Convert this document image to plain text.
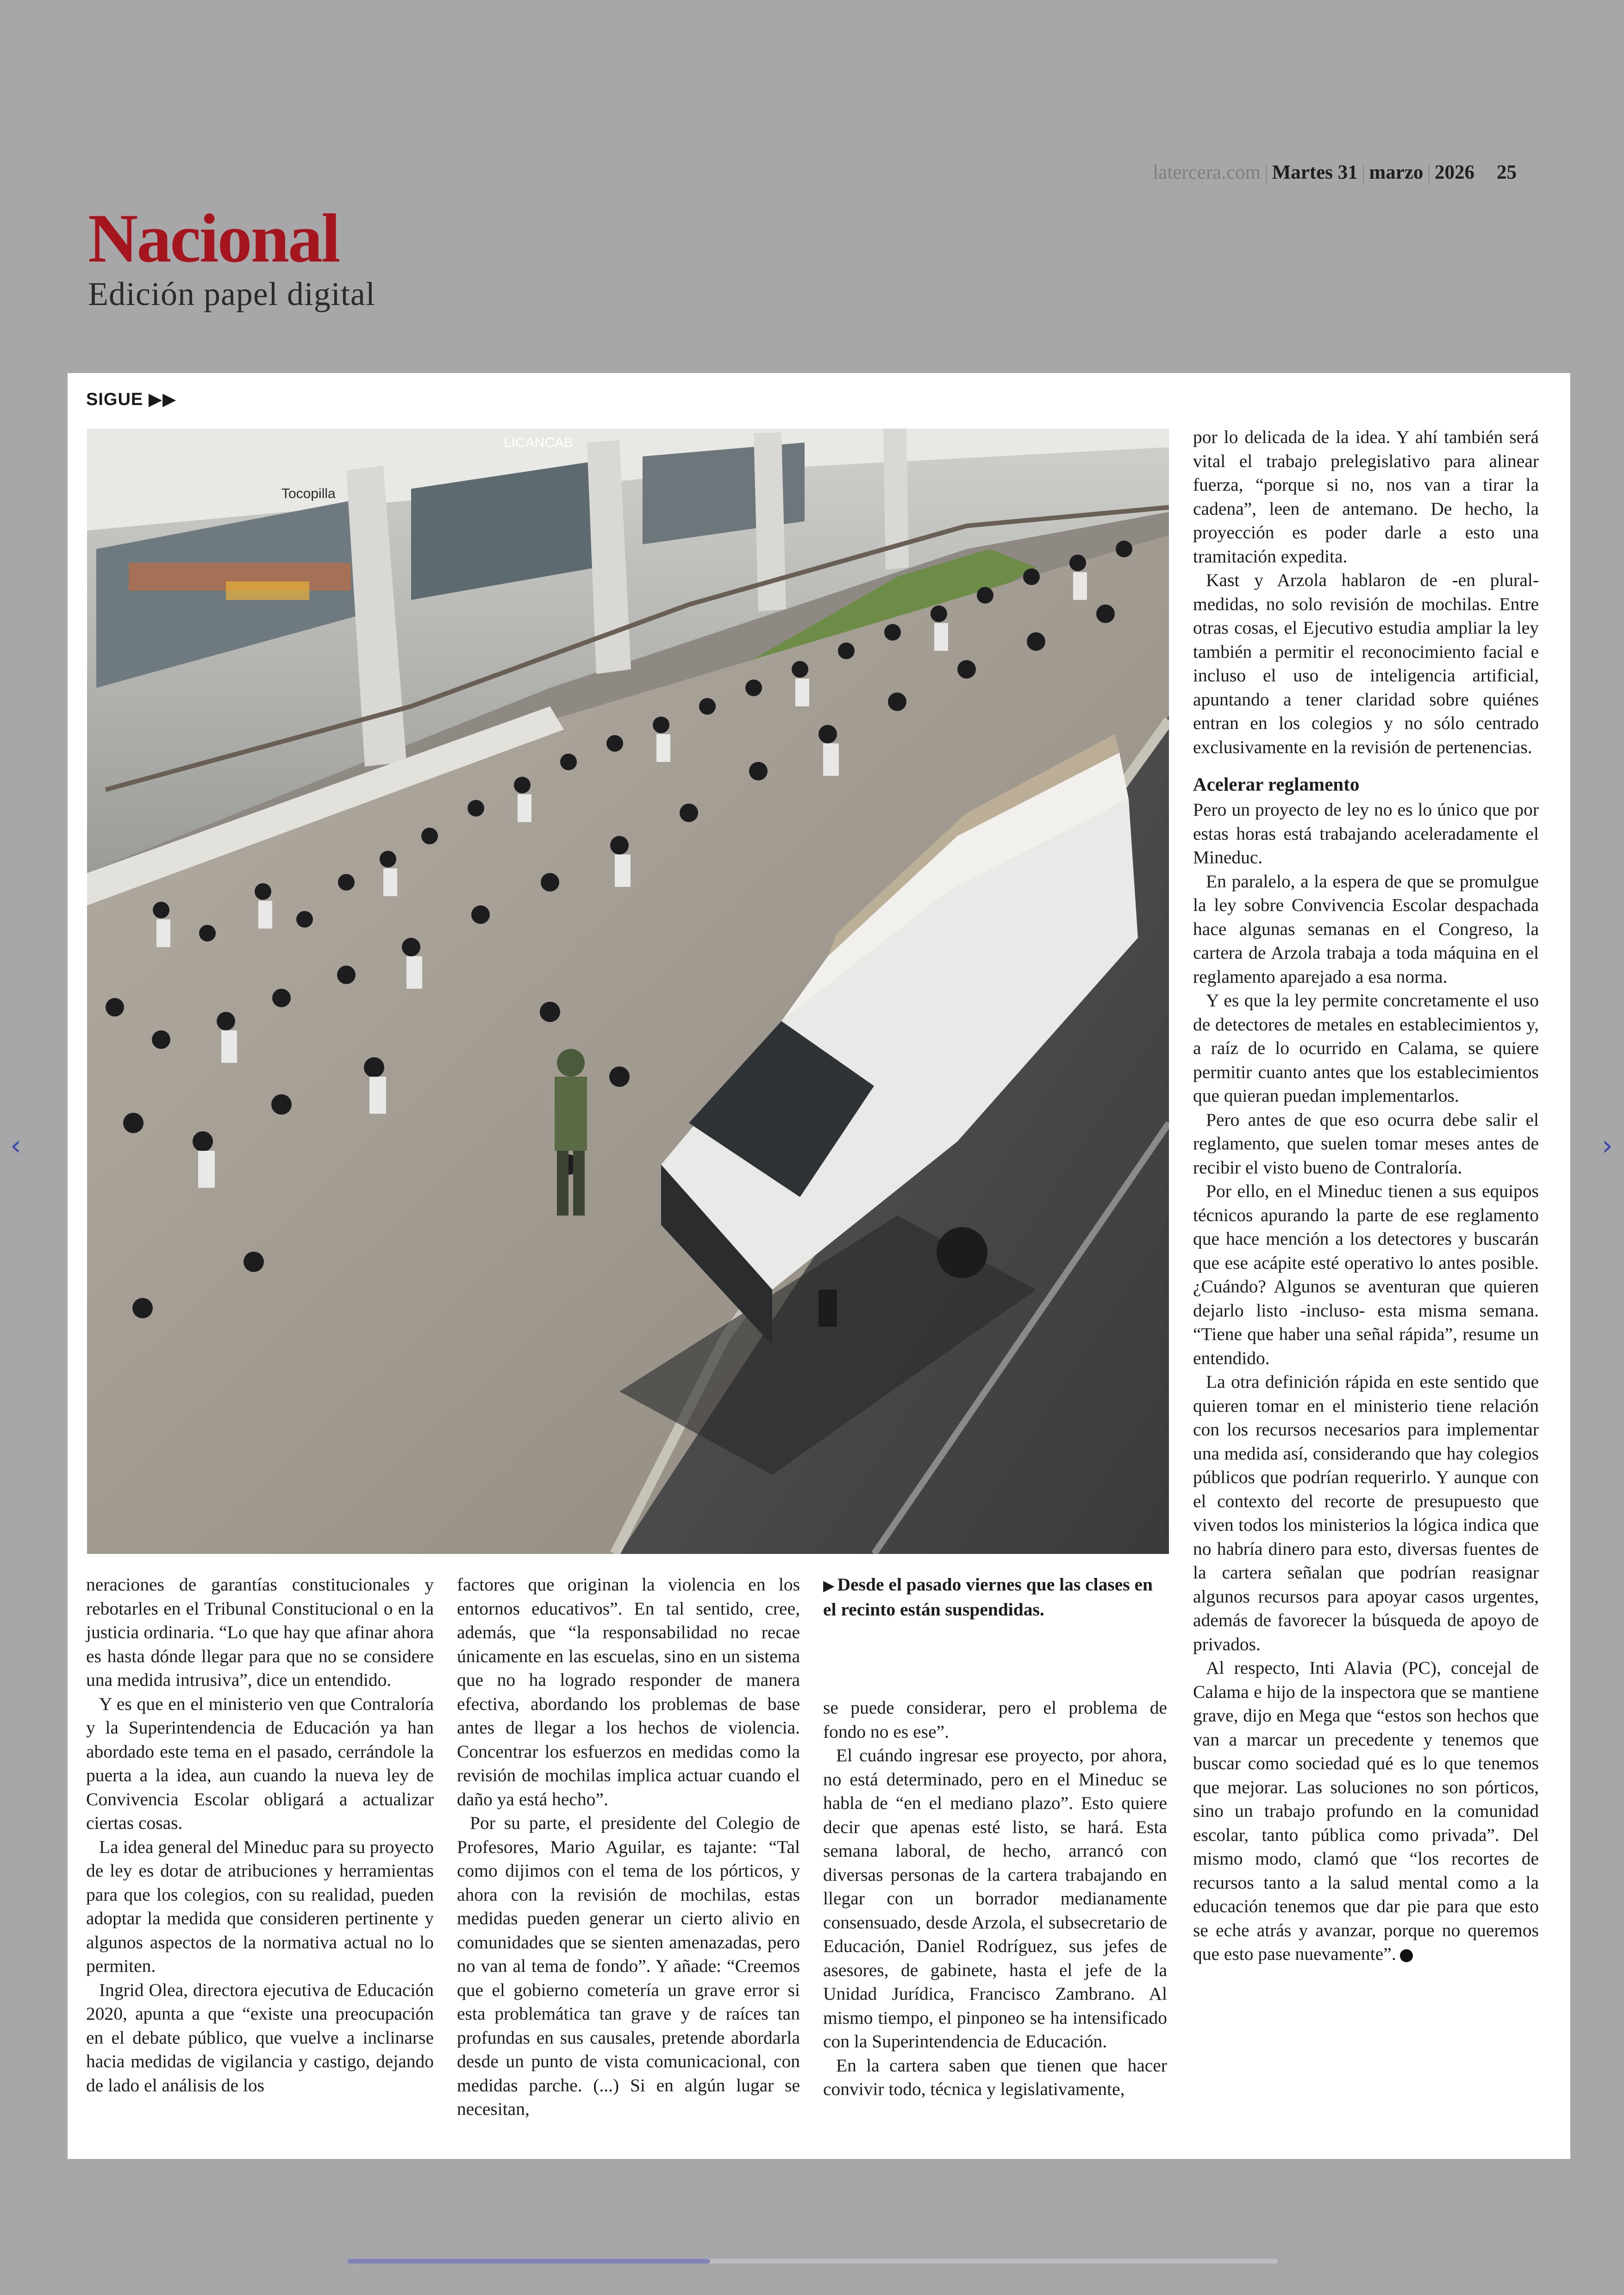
latercera.com | Martes 31 | marzo | 2026 25
Nacional
Edición papel digital
SIGUE ▶▶
Tocopilla
LICANCAB

neraciones de garantías constitucionales y rebotarles en el Tribunal Constitucional o en la justicia ordinaria. “Lo que hay que afinar ahora es hasta dónde llegar para que no se considere una medida intrusiva”, dice un entendido.

Y es que en el ministerio ven que Contraloría y la Superintendencia de Educación ya han abordado este tema en el pasado, cerrándole la puerta a la idea, aun cuando la nueva ley de Convivencia Escolar obligará a actualizar ciertas cosas.

La idea general del Mineduc para su proyecto de ley es dotar de atribuciones y herramientas para que los colegios, con su realidad, pueden adoptar la medida que consideren pertinente y algunos aspectos de la normativa actual no lo permiten.

Ingrid Olea, directora ejecutiva de Educación 2020, apunta a que “existe una preocupación en el debate público, que vuelve a inclinarse hacia medidas de vigilancia y castigo, dejando de lado el análisis de los

factores que originan la violencia en los entornos educativos”. En tal sentido, cree, además, que “la responsabilidad no recae únicamente en las escuelas, sino en un sistema que no ha logrado responder de manera efectiva, abordando los problemas de base antes de llegar a los hechos de violencia. Concentrar los esfuerzos en medidas como la revisión de mochilas implica actuar cuando el daño ya está hecho”.

Por su parte, el presidente del Colegio de Profesores, Mario Aguilar, es tajante: “Tal como dijimos con el tema de los pórticos, y ahora con la revisión de mochilas, estas medidas pueden generar un cierto alivio en comunidades que se sienten amenazadas, pero no van al tema de fondo”. Y añade: “Creemos que el gobierno cometería un grave error si esta problemática tan grave y de raíces tan profundas en sus causales, pretende abordarla desde un punto de vista comunicacional, con medidas parche. (...) Si en algún lugar se necesitan,

▶ Desde el pasado viernes que las clases en el recinto están suspendidas.

se puede considerar, pero el problema de fondo no es ese”.

El cuándo ingresar ese proyecto, por ahora, no está determinado, pero en el Mineduc se habla de “en el mediano plazo”. Esto quiere decir que apenas esté listo, se hará. Esta semana laboral, de hecho, arrancó con diversas personas de la cartera trabajando en llegar con un borrador medianamente consensuado, desde Arzola, el subsecretario de Educación, Daniel Rodríguez, sus jefes de asesores, de gabinete, hasta el jefe de la Unidad Jurídica, Francisco Zambrano. Al mismo tiempo, el pinponeo se ha intensificado con la Superintendencia de Educación.

En la cartera saben que tienen que hacer convivir todo, técnica y legislativamente,

por lo delicada de la idea. Y ahí también será vital el trabajo prelegislativo para alinear fuerza, “porque si no, nos van a tirar la cadena”, leen de antemano. De hecho, la proyección es poder darle a esto una tramitación expedita.

Kast y Arzola hablaron de -en plural- medidas, no solo revisión de mochilas. Entre otras cosas, el Ejecutivo estudia ampliar la ley también a permitir el reconocimiento facial e incluso el uso de inteligencia artificial, apuntando a tener claridad sobre quiénes entran en los colegios y no sólo centrado exclusivamente en la revisión de pertenencias.

Acelerar reglamento

Pero un proyecto de ley no es lo único que por estas horas está trabajando aceleradamente el Mineduc.

En paralelo, a la espera de que se promulgue la ley sobre Convivencia Escolar despachada hace algunas semanas en el Congreso, la cartera de Arzola trabaja a toda máquina en el reglamento aparejado a esa norma.

Y es que la ley permite concretamente el uso de detectores de metales en establecimientos y, a raíz de lo ocurrido en Calama, se quiere permitir cuanto antes que los establecimientos que quieran puedan implementarlos.

Pero antes de que eso ocurra debe salir el reglamento, que suelen tomar meses antes de recibir el visto bueno de Contraloría.

Por ello, en el Mineduc tienen a sus equipos técnicos apurando la parte de ese reglamento que hace mención a los detectores y buscarán que ese acápite esté operativo lo antes posible. ¿Cuándo? Algunos se aventuran que quieren dejarlo listo -incluso- esta misma semana. “Tiene que haber una señal rápida”, resume un entendido.

La otra definición rápida en este sentido que quieren tomar en el ministerio tiene relación con los recursos necesarios para implementar una medida así, considerando que hay colegios públicos que podrían requerirlo. Y aunque con el contexto del recorte de presupuesto que viven todos los ministerios la lógica indica que no habría dinero para esto, diversas fuentes de la cartera señalan que podrían reasignar algunos recursos para apoyar casos urgentes, además de favorecer la búsqueda de apoyo de privados.

Al respecto, Inti Alavia (PC), concejal de Calama e hijo de la inspectora que se mantiene grave, dijo en Mega que “estos son hechos que van a marcar un precedente y tenemos que buscar como sociedad qué es lo que tenemos que mejorar. Las soluciones no son pórticos, sino un trabajo profundo en la comunidad escolar, tanto pública como privada”. Del mismo modo, clamó que “los recortes de recursos tanto a la salud mental como a la educación tenemos que dar pie para que esto se eche atrás y avanzar, porque no queremos que esto pase nuevamente”.

‹	›
